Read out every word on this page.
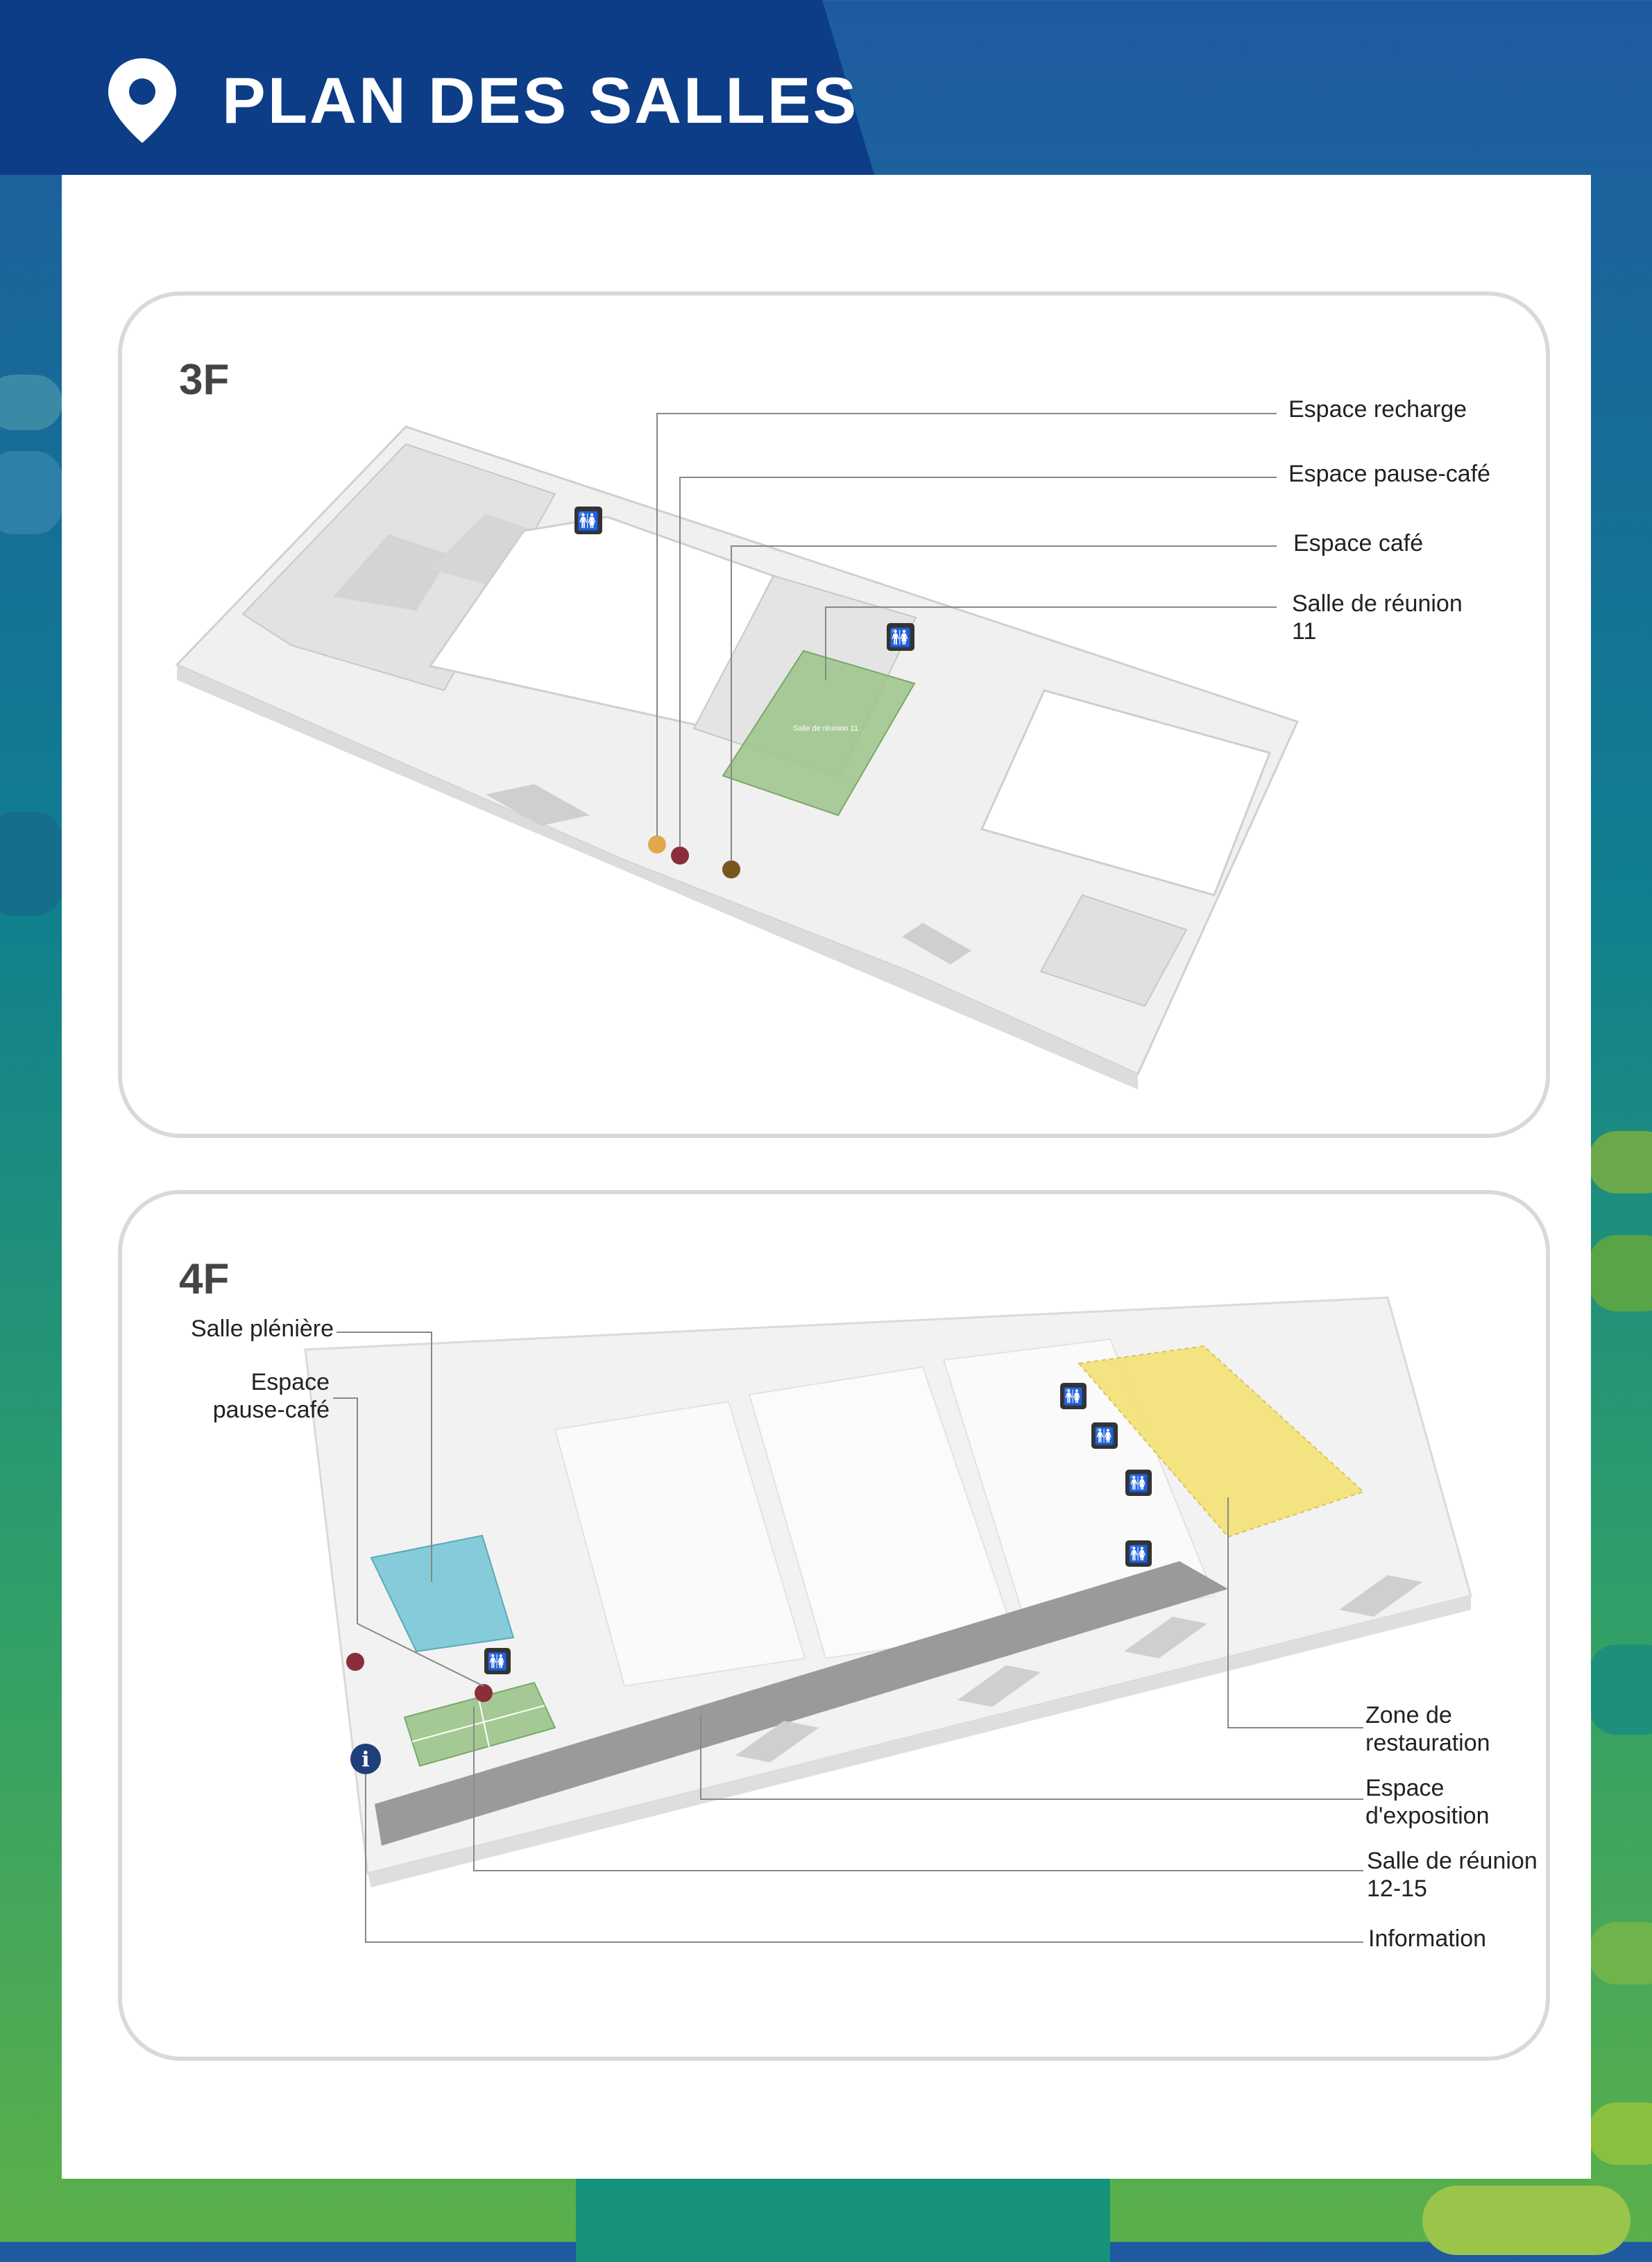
PLAN DES SALLES
3F
Salle de réunion 11
🚻
🚻
Espace recharge
Espace pause-café
Espace café
Salle de réunion
11
4F
🚻
🚻
🚻
🚻
🚻
i
Salle plénière
Espace
pause-café
Zone de
restauration
Espace
d'exposition
Salle de réunion
12-15
Information
